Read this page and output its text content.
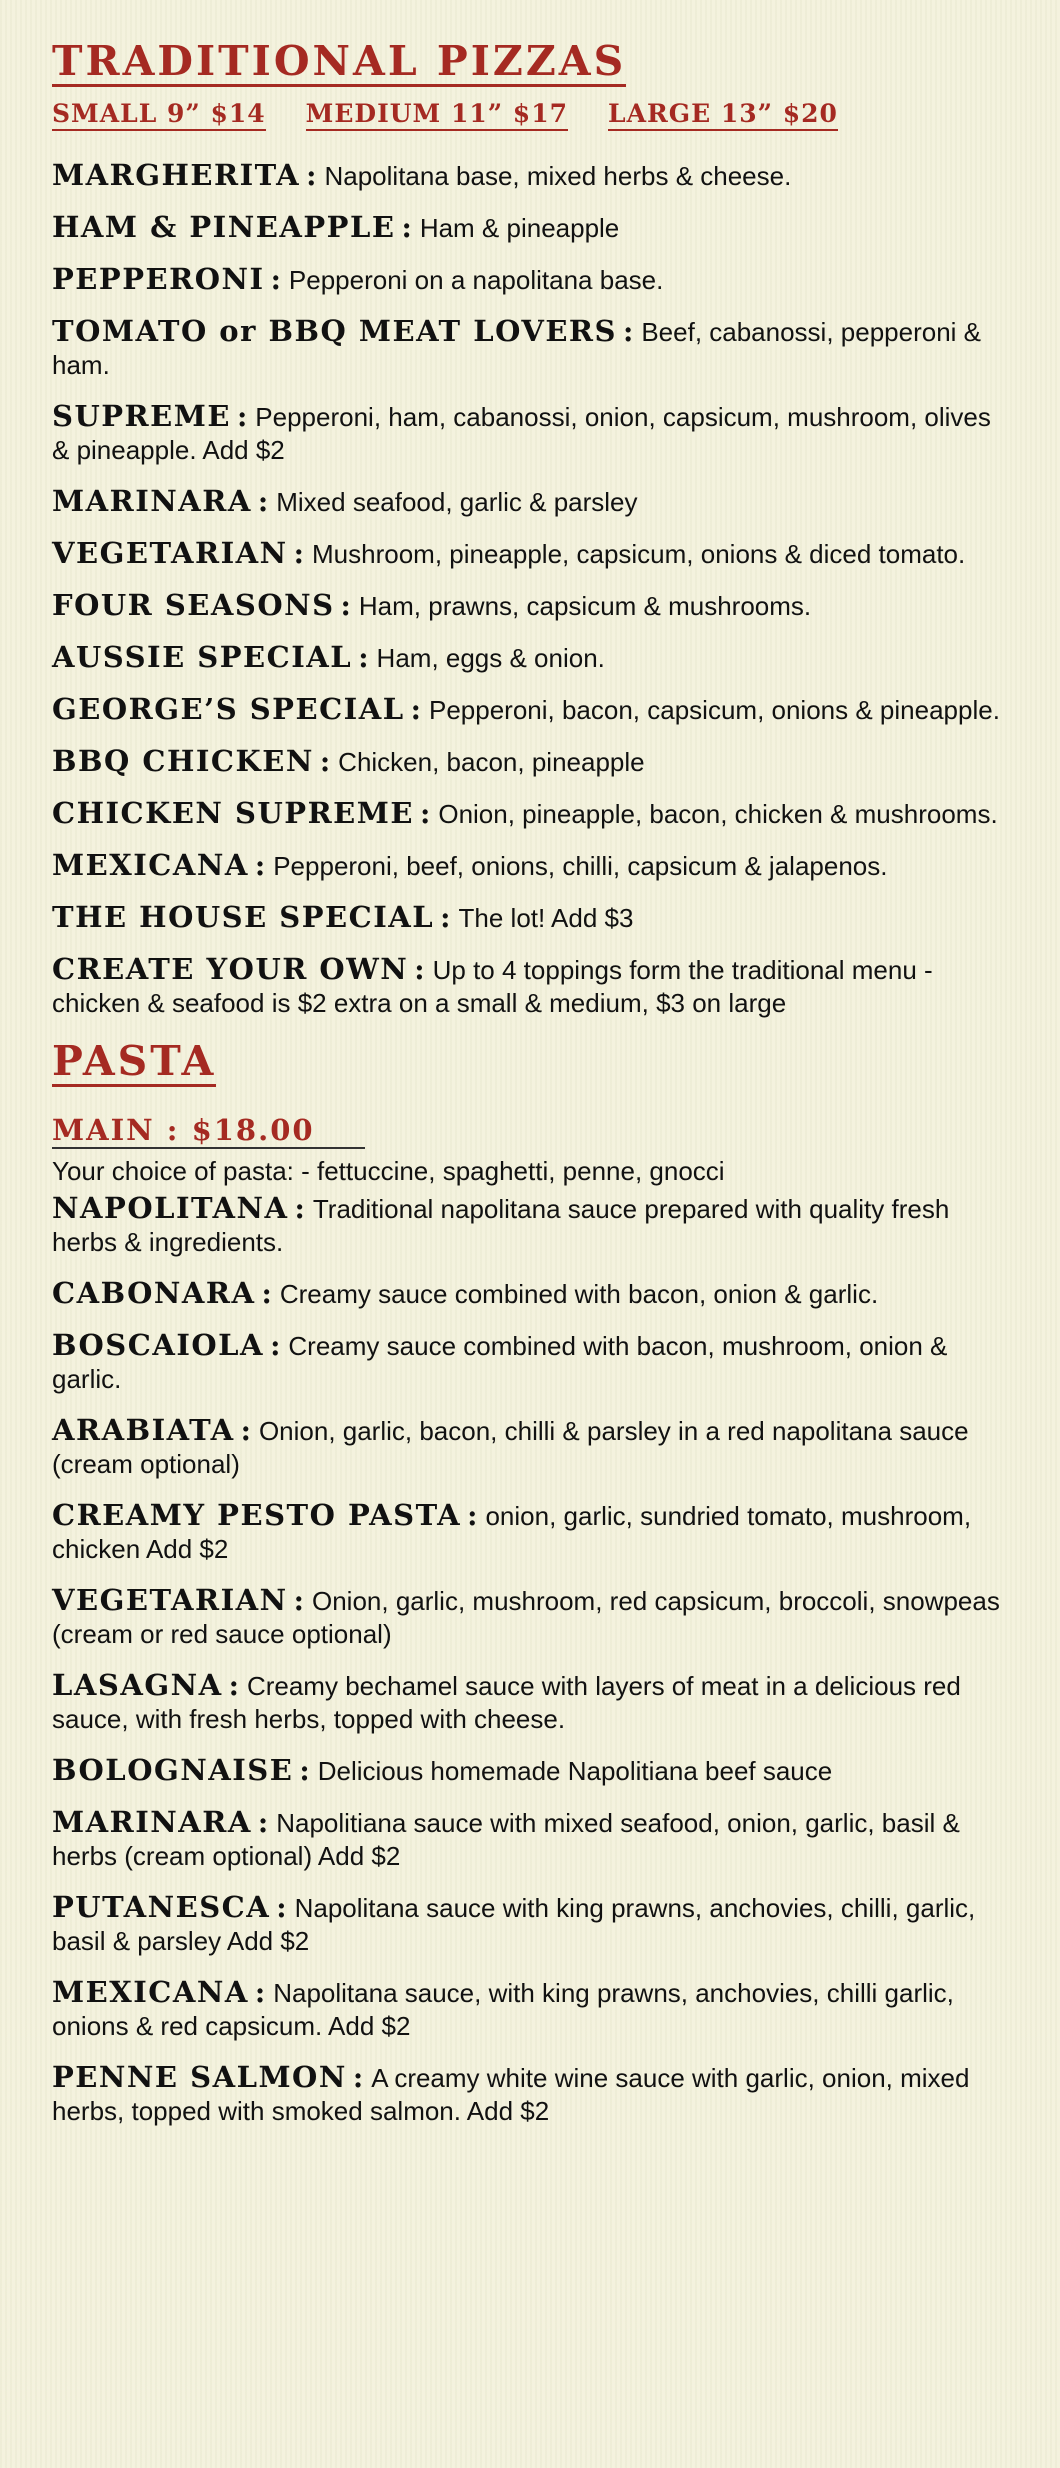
TRADITIONAL PIZZAS
SMALL 9” $14 MEDIUM 11” $17 LARGE 13” $20
MARGHERITA : Napolitana base, mixed herbs & cheese.
HAM & PINEAPPLE : Ham & pineapple
PEPPERONI : Pepperoni on a napolitana base.
TOMATO or BBQ MEAT LOVERS : Beef, cabanossi, pepperoni & ham.
SUPREME : Pepperoni, ham, cabanossi, onion, capsicum, mushroom, olives & pineapple. Add $2
MARINARA : Mixed seafood, garlic & parsley
VEGETARIAN : Mushroom, pineapple, capsicum, onions & diced tomato.
FOUR SEASONS : Ham, prawns, capsicum & mushrooms.
AUSSIE SPECIAL : Ham, eggs & onion.
GEORGE’S SPECIAL : Pepperoni, bacon, capsicum, onions & pineapple.
BBQ CHICKEN : Chicken, bacon, pineapple
CHICKEN SUPREME : Onion, pineapple, bacon, chicken & mushrooms.
MEXICANA : Pepperoni, beef, onions, chilli, capsicum & jalapenos.
THE HOUSE SPECIAL : The lot! Add $3
CREATE YOUR OWN : Up to 4 toppings form the traditional menu - chicken & seafood is $2 extra on a small & medium, $3 on large
PASTA
MAIN : $18.00
Your choice of pasta: - fettuccine, spaghetti, penne, gnocci
NAPOLITANA : Traditional napolitana sauce prepared with quality fresh herbs & ingredients.
CABONARA : Creamy sauce combined with bacon, onion & garlic.
BOSCAIOLA : Creamy sauce combined with bacon, mushroom, onion & garlic.
ARABIATA : Onion, garlic, bacon, chilli & parsley in a red napolitana sauce (cream optional)
CREAMY PESTO PASTA : onion, garlic, sundried tomato, mushroom, chicken Add $2
VEGETARIAN : Onion, garlic, mushroom, red capsicum, broccoli, snowpeas (cream or red sauce optional)
LASAGNA : Creamy bechamel sauce with layers of meat in a delicious red sauce, with fresh herbs, topped with cheese.
BOLOGNAISE : Delicious homemade Napolitiana beef sauce
MARINARA : Napolitiana sauce with mixed seafood, onion, garlic, basil & herbs (cream optional) Add $2
PUTANESCA : Napolitana sauce with king prawns, anchovies, chilli, garlic, basil & parsley Add $2
MEXICANA : Napolitana sauce, with king prawns, anchovies, chilli garlic, onions & red capsicum. Add $2
PENNE SALMON : A creamy white wine sauce with garlic, onion, mixed herbs, topped with smoked salmon. Add $2
